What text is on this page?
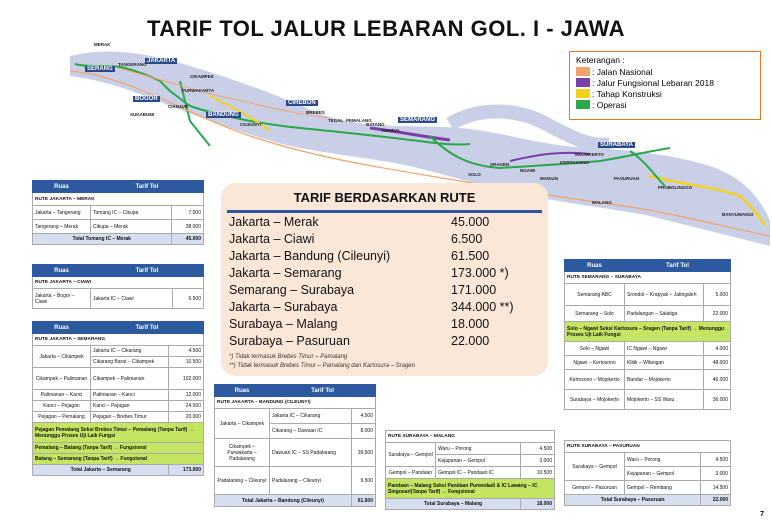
TARIF TOL JALUR LEBARAN GOL. I - JAWA
SERANG
JAKARTA
BOGOR
BANDUNG
CIREBON
SEMARANG
SURABAYA
MERAK
TANGERANG
CIKAMPEK
PURWAKARTA
SUKABUMI
CIANJUR
CILEUNYI
BREBES
TEGAL PEMALANG
BATANG
KENDAL
SOLO
SRAGEN
NGAWI
MADIUN
KERTOSONO
MOJOKERTO
PASURUAN
PROBOLINGGO
BANYUWANGI
MALANG
Keterangan :
: Jalan Nasional
: Jalur Fungsional Lebaran 2018
: Tahap Konstruksi
: Operasi
TARIF BERDASARKAN RUTE
Jakarta – Merak	45.000
Jakarta – Ciawi	6.500
Jakarta – Bandung (Cileunyi)	61.500
Jakarta – Semarang	173.000 *)
Semarang – Surabaya	171.000
Jakarta – Surabaya	344.000 **)
Surabaya – Malang	18.000
Surabaya – Pasuruan	22.000
*) Tidak termasuk Brebes Timur – Pamalang
**) Tidak termasuk Brebes Timur – Pamalang dan Kartosura – Sragen
Ruas	Tarif Tol	
RUTE JAKARTA – MERAK		
Jakarta – Tangerang	Tomang IC – Cikupa	7.000
Tangerang – Merak	Cikupa – Merak	38.000
Total Tomang IC – Merak		45.000
Ruas	Tarif Tol	
RUTE JAKARTA – CIAWI		
Jakarta – Bogor – Ciawi	Jakarta IC – Ciawi	6.500
Ruas	Tarif Tol	
RUTE JAKARTA – SEMARANG		
Jakarta – Cikampek	Jakarta IC – Cikarang	4.500
	Cikarang Barat – Cikampek	10.500
Cikampek – Palimanan	Cikampek – Palimanan	102.000
Palimanan – Kanci	Palimanan – Kanci	12.000
Kanci – Pejagan	Kanci – Pejagan	24.000
Pejagan – Pemalang	Pejagan – Brebes Timur	20.000
Pejagan Pemalang Seksi Brebes Timur – Pemalang (Tanpa Tarif) → Menunggu Proses Uji Laik Fungsi		
Pemalang – Batang (Tanpa Tarif) → Fungsional		
Batang – Semarang (Tanpa Tarif) → Fungsional		
Total Jakarta – Semarang		173.000
Ruas	Tarif Tol	
RUTE JAKARTA – BANDUNG (CILEUNYI)		
Jakarta – Cikampek	Jakarta IC – Cikarang	4.500
	Cikarang – Dawuan IC	8.000
Cikampek – Purwakarta – Padalarang	Dawuan IC – SS Padalarang	39.500
Padalarang – Cileunyi	Padalarang – Cileunyi	9.500
Total Jakarta – Bandung (Cileunyi)		61.500
RUTE SURABAYA – MALANG		
Surabaya – Gempol	Waru – Porong	4.500
	Kejapanan – Gempol	3.000
Gempol – Pandaan	Gempol IC – Pandaan IC	10.500
Pandaan – Malang Seksi Pandaan Purwodadi & IC Lawang – IC Singosari(Tanpa Tarif) → Fungsional		
Total Surabaya – Malang		18.000
Ruas	Tarif Tol	
RUTE SEMARANG – SURABAYA		
Semarang ABC	Srondol – Krapyak – Jatingaleh	5.000
Semarang – Solo	Padalangan – Salatiga	22.000
Solo – Ngawi Seksi Kartosura – Sragen (Tanpa Tarif) → Menunggu Proses Uji Laik Fungsi		
Solo – Ngawi	IC Ngawi – Ngawi	4.000
Ngawi – Kertosono	Klitik – Wilangan	48.000
Kertosono – Mojokerto	Bandar – Mojokerto	46.000
Surabaya – Mojokerto	Mojokerto – SS Waru	36.000
RUTE SURABAYA – PASURUAN		
Surabaya – Gempol	Waru – Porong	4.500
	Kejapanan – Gempol	3.000
Gempol – Pasuruan	Gempol – Rembang	14.500
Total Surabaya – Pasuruan		22.000
7
